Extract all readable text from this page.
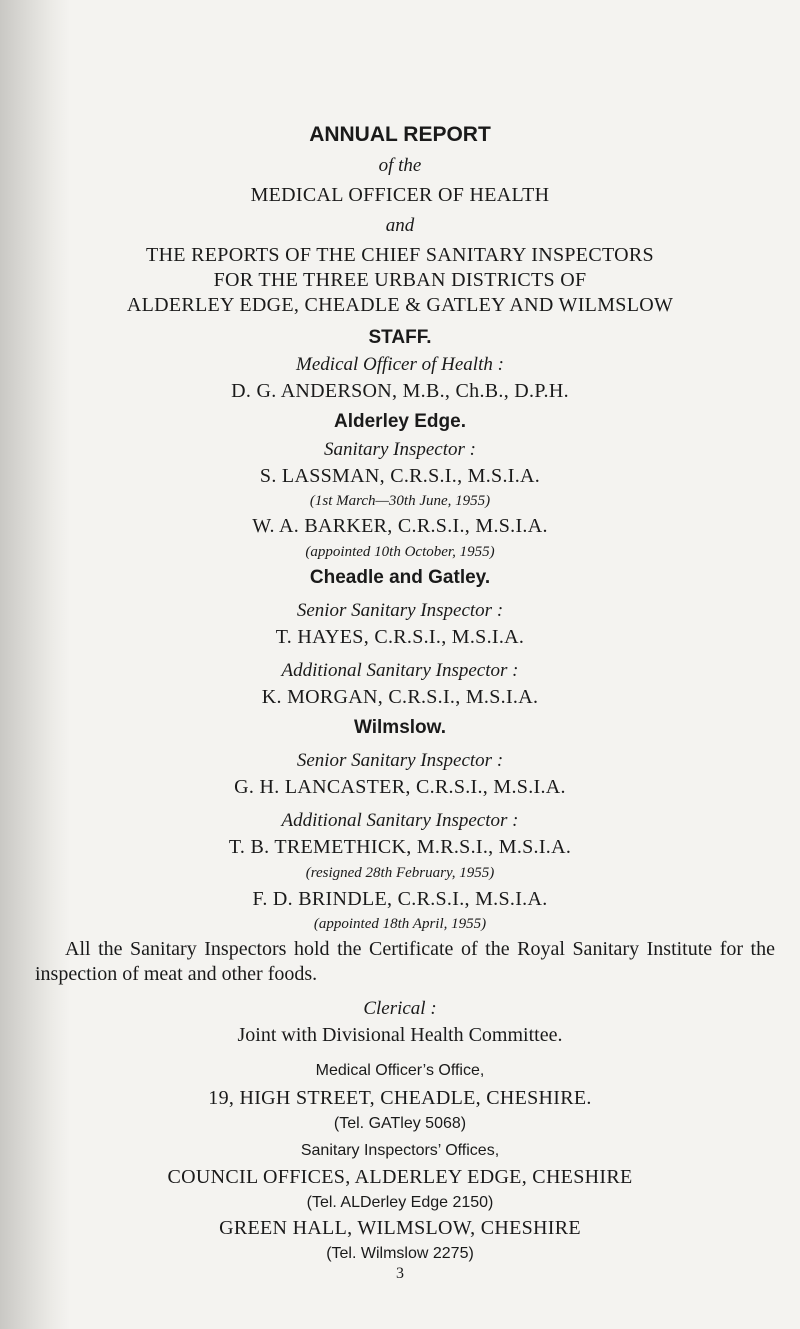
ANNUAL REPORT
of the
MEDICAL OFFICER OF HEALTH
and
THE REPORTS OF THE CHIEF SANITARY INSPECTORS
FOR THE THREE URBAN DISTRICTS OF
ALDERLEY EDGE, CHEADLE & GATLEY AND WILMSLOW
STAFF.
Medical Officer of Health :
D. G. ANDERSON, M.B., Ch.B., D.P.H.
Alderley Edge.
Sanitary Inspector :
S. LASSMAN, C.R.S.I., M.S.I.A.
(1st March—30th June, 1955)
W. A. BARKER, C.R.S.I., M.S.I.A.
(appointed 10th October, 1955)
Cheadle and Gatley.
Senior Sanitary Inspector :
T. HAYES, C.R.S.I., M.S.I.A.
Additional Sanitary Inspector :
K. MORGAN, C.R.S.I., M.S.I.A.
Wilmslow.
Senior Sanitary Inspector :
G. H. LANCASTER, C.R.S.I., M.S.I.A.
Additional Sanitary Inspector :
T. B. TREMETHICK, M.R.S.I., M.S.I.A.
(resigned 28th February, 1955)
F. D. BRINDLE, C.R.S.I., M.S.I.A.
(appointed 18th April, 1955)
All the Sanitary Inspectors hold the Certificate of the Royal Sanitary Institute for the inspection of meat and other foods.
Clerical :
Joint with Divisional Health Committee.
Medical Officer’s Office,
19, HIGH STREET, CHEADLE, CHESHIRE.
(Tel. GATley 5068)
Sanitary Inspectors’ Offices,
COUNCIL OFFICES, ALDERLEY EDGE, CHESHIRE
(Tel. ALDerley Edge 2150)
GREEN HALL, WILMSLOW, CHESHIRE
(Tel. Wilmslow 2275)
3
